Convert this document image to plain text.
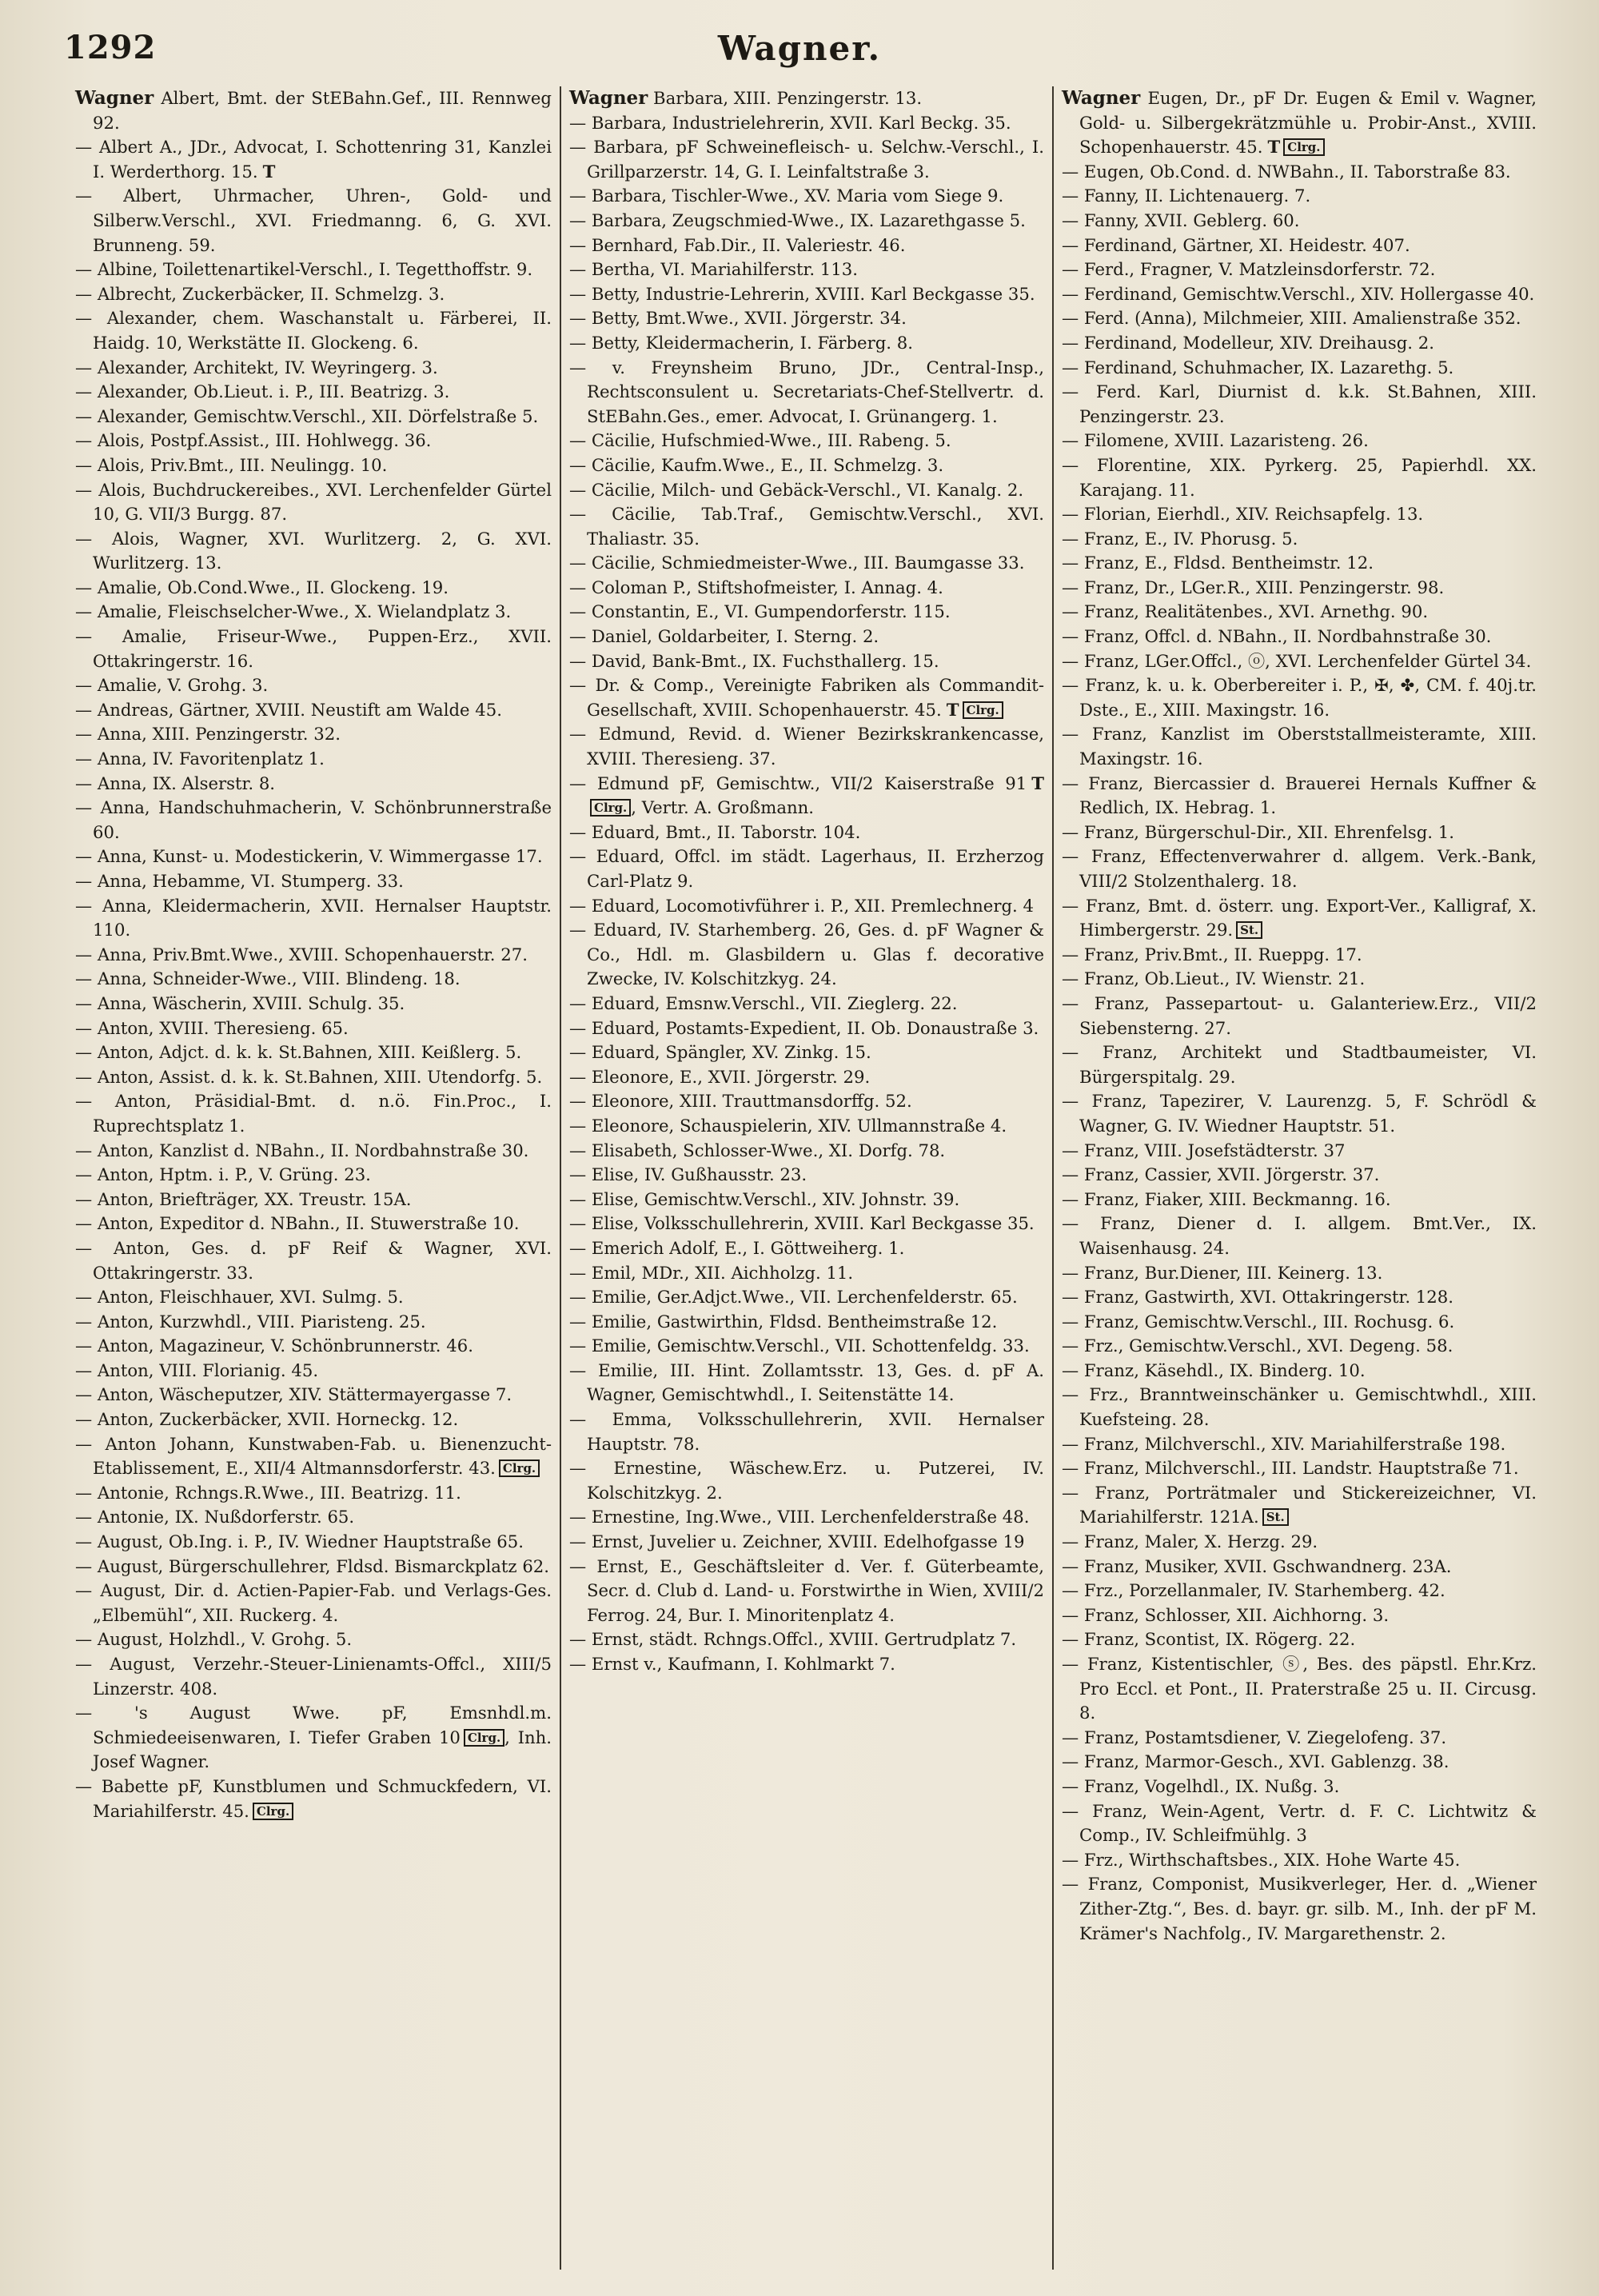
1292	Wagner.
Wagner Albert, Bmt. der StEBahn.Gef., III. Rennweg 92.
— Albert A., JDr., Advocat, I. Schottenring 31, Kanzlei I. Werderthorg. 15. T
— Albert, Uhrmacher, Uhren-, Gold- und Silberw.Verschl., XVI. Friedmanng. 6, G. XVI. Brunneng. 59.
— Albine, Toilettenartikel-Verschl., I. Tegetthoffstr. 9.
— Albrecht, Zuckerbäcker, II. Schmelzg. 3.
— Alexander, chem. Waschanstalt u. Färberei, II. Haidg. 10, Werkstätte II. Glockeng. 6.
— Alexander, Architekt, IV. Weyringerg. 3.
— Alexander, Ob.Lieut. i. P., III. Beatrizg. 3.
— Alexander, Gemischtw.Verschl., XII. Dörfelstraße 5.
— Alois, Postpf.Assist., III. Hohlwegg. 36.
— Alois, Priv.Bmt., III. Neulingg. 10.
— Alois, Buchdruckereibes., XVI. Lerchenfelder Gürtel 10, G. VII/3 Burgg. 87.
— Alois, Wagner, XVI. Wurlitzerg. 2, G. XVI. Wurlitzerg. 13.
— Amalie, Ob.Cond.Wwe., II. Glockeng. 19.
— Amalie, Fleischselcher-Wwe., X. Wielandplatz 3.
— Amalie, Friseur-Wwe., Puppen-Erz., XVII. Ottakringerstr. 16.
— Amalie, V. Grohg. 3.
— Andreas, Gärtner, XVIII. Neustift am Walde 45.
— Anna, XIII. Penzingerstr. 32.
— Anna, IV. Favoritenplatz 1.
— Anna, IX. Alserstr. 8.
— Anna, Handschuhmacherin, V. Schönbrunnerstraße 60.
— Anna, Kunst- u. Modestickerin, V. Wimmergasse 17.
— Anna, Hebamme, VI. Stumperg. 33.
— Anna, Kleidermacherin, XVII. Hernalser Hauptstr. 110.
— Anna, Priv.Bmt.Wwe., XVIII. Schopenhauerstr. 27.
— Anna, Schneider-Wwe., VIII. Blindeng. 18.
— Anna, Wäscherin, XVIII. Schulg. 35.
— Anton, XVIII. Theresieng. 65.
— Anton, Adjct. d. k. k. St.Bahnen, XIII. Keißlerg. 5.
— Anton, Assist. d. k. k. St.Bahnen, XIII. Utendorfg. 5.
— Anton, Präsidial-Bmt. d. n.ö. Fin.Proc., I. Ruprechtsplatz 1.
— Anton, Kanzlist d. NBahn., II. Nordbahnstraße 30.
— Anton, Hptm. i. P., V. Grüng. 23.
— Anton, Briefträger, XX. Treustr. 15A.
— Anton, Expeditor d. NBahn., II. Stuwerstraße 10.
— Anton, Ges. d. pF Reif & Wagner, XVI. Ottakringerstr. 33.
— Anton, Fleischhauer, XVI. Sulmg. 5.
— Anton, Kurzwhdl., VIII. Piaristeng. 25.
— Anton, Magazineur, V. Schönbrunnerstr. 46.
— Anton, VIII. Florianig. 45.
— Anton, Wäscheputzer, XIV. Stättermayergasse 7.
— Anton, Zuckerbäcker, XVII. Horneckg. 12.
— Anton Johann, Kunstwaben-Fab. u. Bienenzucht-Etablissement, E., XII/4 Altmannsdorferstr. 43. Clrg.
— Antonie, Rchngs.R.Wwe., III. Beatrizg. 11.
— Antonie, IX. Nußdorferstr. 65.
— August, Ob.Ing. i. P., IV. Wiedner Hauptstraße 65.
— August, Bürgerschullehrer, Fldsd. Bismarckplatz 62.
— August, Dir. d. Actien-Papier-Fab. und Verlags-Ges. „Elbemühl“, XII. Ruckerg. 4.
— August, Holzhdl., V. Grohg. 5.
— August, Verzehr.-Steuer-Linienamts-Offcl., XIII/5 Linzerstr. 408.
— 's August Wwe. pF, Emsnhdl.m. Schmiedeeisenwaren, I. Tiefer Graben 10 Clrg. , Inh. Josef Wagner.
— Babette pF, Kunstblumen und Schmuckfedern, VI. Mariahilferstr. 45. Clrg.
Wagner Barbara, XIII. Penzingerstr. 13.
— Barbara, Industrielehrerin, XVII. Karl Beckg. 35.
— Barbara, pF Schweinefleisch- u. Selchw.-Verschl., I. Grillparzerstr. 14, G. I. Leinfaltstraße 3.
— Barbara, Tischler-Wwe., XV. Maria vom Siege 9.
— Barbara, Zeugschmied-Wwe., IX. Lazarethgasse 5.
— Bernhard, Fab.Dir., II. Valeriestr. 46.
— Bertha, VI. Mariahilferstr. 113.
— Betty, Industrie-Lehrerin, XVIII. Karl Beckgasse 35.
— Betty, Bmt.Wwe., XVII. Jörgerstr. 34.
— Betty, Kleidermacherin, I. Färberg. 8.
— v. Freynsheim Bruno, JDr., Central-Insp., Rechtsconsulent u. Secretariats-Chef-Stellvertr. d. StEBahn.Ges., emer. Advocat, I. Grünangerg. 1.
— Cäcilie, Hufschmied-Wwe., III. Rabeng. 5.
— Cäcilie, Kaufm.Wwe., E., II. Schmelzg. 3.
— Cäcilie, Milch- und Gebäck-Verschl., VI. Kanalg. 2.
— Cäcilie, Tab.Traf., Gemischtw.Verschl., XVI. Thaliastr. 35.
— Cäcilie, Schmiedmeister-Wwe., III. Baumgasse 33.
— Coloman P., Stiftshofmeister, I. Annag. 4.
— Constantin, E., VI. Gumpendorferstr. 115.
— Daniel, Goldarbeiter, I. Sterng. 2.
— David, Bank-Bmt., IX. Fuchsthallerg. 15.
— Dr. & Comp., Vereinigte Fabriken als Commandit-Gesellschaft, XVIII. Schopenhauerstr. 45. T Clrg.
— Edmund, Revid. d. Wiener Bezirkskrankencasse, XVIII. Theresieng. 37.
— Edmund pF, Gemischtw., VII/2 Kaiserstraße 91 TClrg. , Vertr. A. Großmann.
— Eduard, Bmt., II. Taborstr. 104.
— Eduard, Offcl. im städt. Lagerhaus, II. Erzherzog Carl-Platz 9.
— Eduard, Locomotivführer i. P., XII. Premlechnerg. 4
— Eduard, IV. Starhemberg. 26, Ges. d. pF Wagner & Co., Hdl. m. Glasbildern u. Glas f. decorative Zwecke, IV. Kolschitzkyg. 24.
— Eduard, Emsnw.Verschl., VII. Zieglerg. 22.
— Eduard, Postamts-Expedient, II. Ob. Donaustraße 3.
— Eduard, Spängler, XV. Zinkg. 15.
— Eleonore, E., XVII. Jörgerstr. 29.
— Eleonore, XIII. Trauttmansdorffg. 52.
— Eleonore, Schauspielerin, XIV. Ullmannstraße 4.
— Elisabeth, Schlosser-Wwe., XI. Dorfg. 78.
— Elise, IV. Gußhausstr. 23.
— Elise, Gemischtw.Verschl., XIV. Johnstr. 39.
— Elise, Volksschullehrerin, XVIII. Karl Beckgasse 35.
— Emerich Adolf, E., I. Göttweiherg. 1.
— Emil, MDr., XII. Aichholzg. 11.
— Emilie, Ger.Adjct.Wwe., VII. Lerchenfelderstr. 65.
— Emilie, Gastwirthin, Fldsd. Bentheimstraße 12.
— Emilie, Gemischtw.Verschl., VII. Schottenfeldg. 33.
— Emilie, III. Hint. Zollamtsstr. 13, Ges. d. pF A. Wagner, Gemischtwhdl., I. Seitenstätte 14.
— Emma, Volksschullehrerin, XVII. Hernalser Hauptstr. 78.
— Ernestine, Wäschew.Erz. u. Putzerei, IV. Kolschitzkyg. 2.
— Ernestine, Ing.Wwe., VIII. Lerchenfelderstraße 48.
— Ernst, Juvelier u. Zeichner, XVIII. Edelhofgasse 19
— Ernst, E., Geschäftsleiter d. Ver. f. Güterbeamte, Secr. d. Club d. Land- u. Forstwirthe in Wien, XVIII/2 Ferrog. 24, Bur. I. Minoritenplatz 4.
— Ernst, städt. Rchngs.Offcl., XVIII. Gertrudplatz 7.
— Ernst v., Kaufmann, I. Kohlmarkt 7.
Wagner Eugen, Dr., pF Dr. Eugen & Emil v. Wagner, Gold- u. Silbergekrätzmühle u. Probir-Anst., XVIII. Schopenhauerstr. 45. T Clrg.
— Eugen, Ob.Cond. d. NWBahn., II. Taborstraße 83.
— Fanny, II. Lichtenauerg. 7.
— Fanny, XVII. Geblerg. 60.
— Ferdinand, Gärtner, XI. Heidestr. 407.
— Ferd., Fragner, V. Matzleinsdorferstr. 72.
— Ferdinand, Gemischtw.Verschl., XIV. Hollergasse 40.
— Ferd. (Anna), Milchmeier, XIII. Amalienstraße 352.
— Ferdinand, Modelleur, XIV. Dreihausg. 2.
— Ferdinand, Schuhmacher, IX. Lazarethg. 5.
— Ferd. Karl, Diurnist d. k.k. St.Bahnen, XIII. Penzingerstr. 23.
— Filomene, XVIII. Lazaristeng. 26.
— Florentine, XIX. Pyrkerg. 25, Papierhdl. XX. Karajang. 11.
— Florian, Eierhdl., XIV. Reichsapfelg. 13.
— Franz, E., IV. Phorusg. 5.
— Franz, E., Fldsd. Bentheimstr. 12.
— Franz, Dr., LGer.R., XIII. Penzingerstr. 98.
— Franz, Realitätenbes., XVI. Arnethg. 90.
— Franz, Offcl. d. NBahn., II. Nordbahnstraße 30.
— Franz, LGer.Offcl., ⓞ, XVI. Lerchenfelder Gürtel 34.
— Franz, k. u. k. Oberbereiter i. P., ✠, ✤, CM. f. 40j.tr. Dste., E., XIII. Maxingstr. 16.
— Franz, Kanzlist im Oberststallmeisteramte, XIII. Maxingstr. 16.
— Franz, Biercassier d. Brauerei Hernals Kuffner & Redlich, IX. Hebrag. 1.
— Franz, Bürgerschul-Dir., XII. Ehrenfelsg. 1.
— Franz, Effectenverwahrer d. allgem. Verk.-Bank, VIII/2 Stolzenthalerg. 18.
— Franz, Bmt. d. österr. ung. Export-Ver., Kalligraf, X. Himbergerstr. 29. St.
— Franz, Priv.Bmt., II. Rueppg. 17.
— Franz, Ob.Lieut., IV. Wienstr. 21.
— Franz, Passepartout- u. Galanteriew.Erz., VII/2 Siebensterng. 27.
— Franz, Architekt und Stadtbaumeister, VI. Bürgerspitalg. 29.
— Franz, Tapezirer, V. Laurenzg. 5, F. Schrödl & Wagner, G. IV. Wiedner Hauptstr. 51.
— Franz, VIII. Josefstädterstr. 37
— Franz, Cassier, XVII. Jörgerstr. 37.
— Franz, Fiaker, XIII. Beckmanng. 16.
— Franz, Diener d. I. allgem. Bmt.Ver., IX. Waisenhausg. 24.
— Franz, Bur.Diener, III. Keinerg. 13.
— Franz, Gastwirth, XVI. Ottakringerstr. 128.
— Franz, Gemischtw.Verschl., III. Rochusg. 6.
— Frz., Gemischtw.Verschl., XVI. Degeng. 58.
— Franz, Käsehdl., IX. Binderg. 10.
— Frz., Branntweinschänker u. Gemischtwhdl., XIII. Kuefsteing. 28.
— Franz, Milchverschl., XIV. Mariahilferstraße 198.
— Franz, Milchverschl., III. Landstr. Hauptstraße 71.
— Franz, Porträtmaler und Stickereizeichner, VI. Mariahilferstr. 121A. St.
— Franz, Maler, X. Herzg. 29.
— Franz, Musiker, XVII. Gschwandnerg. 23A.
— Frz., Porzellanmaler, IV. Starhemberg. 42.
— Franz, Schlosser, XII. Aichhorng. 3.
— Franz, Scontist, IX. Rögerg. 22.
— Franz, Kistentischler, ⓢ, Bes. des päpstl. Ehr.Krz. Pro Eccl. et Pont., II. Praterstraße 25 u. II. Circusg. 8.
— Franz, Postamtsdiener, V. Ziegelofeng. 37.
— Franz, Marmor-Gesch., XVI. Gablenzg. 38.
— Franz, Vogelhdl., IX. Nußg. 3.
— Franz, Wein-Agent, Vertr. d. F. C. Lichtwitz & Comp., IV. Schleifmühlg. 3
— Frz., Wirthschaftsbes., XIX. Hohe Warte 45.
— Franz, Componist, Musikverleger, Her. d. „Wiener Zither-Ztg.“, Bes. d. bayr. gr. silb. M., Inh. der pF M. Krämer's Nachfolg., IV. Margarethenstr. 2.
